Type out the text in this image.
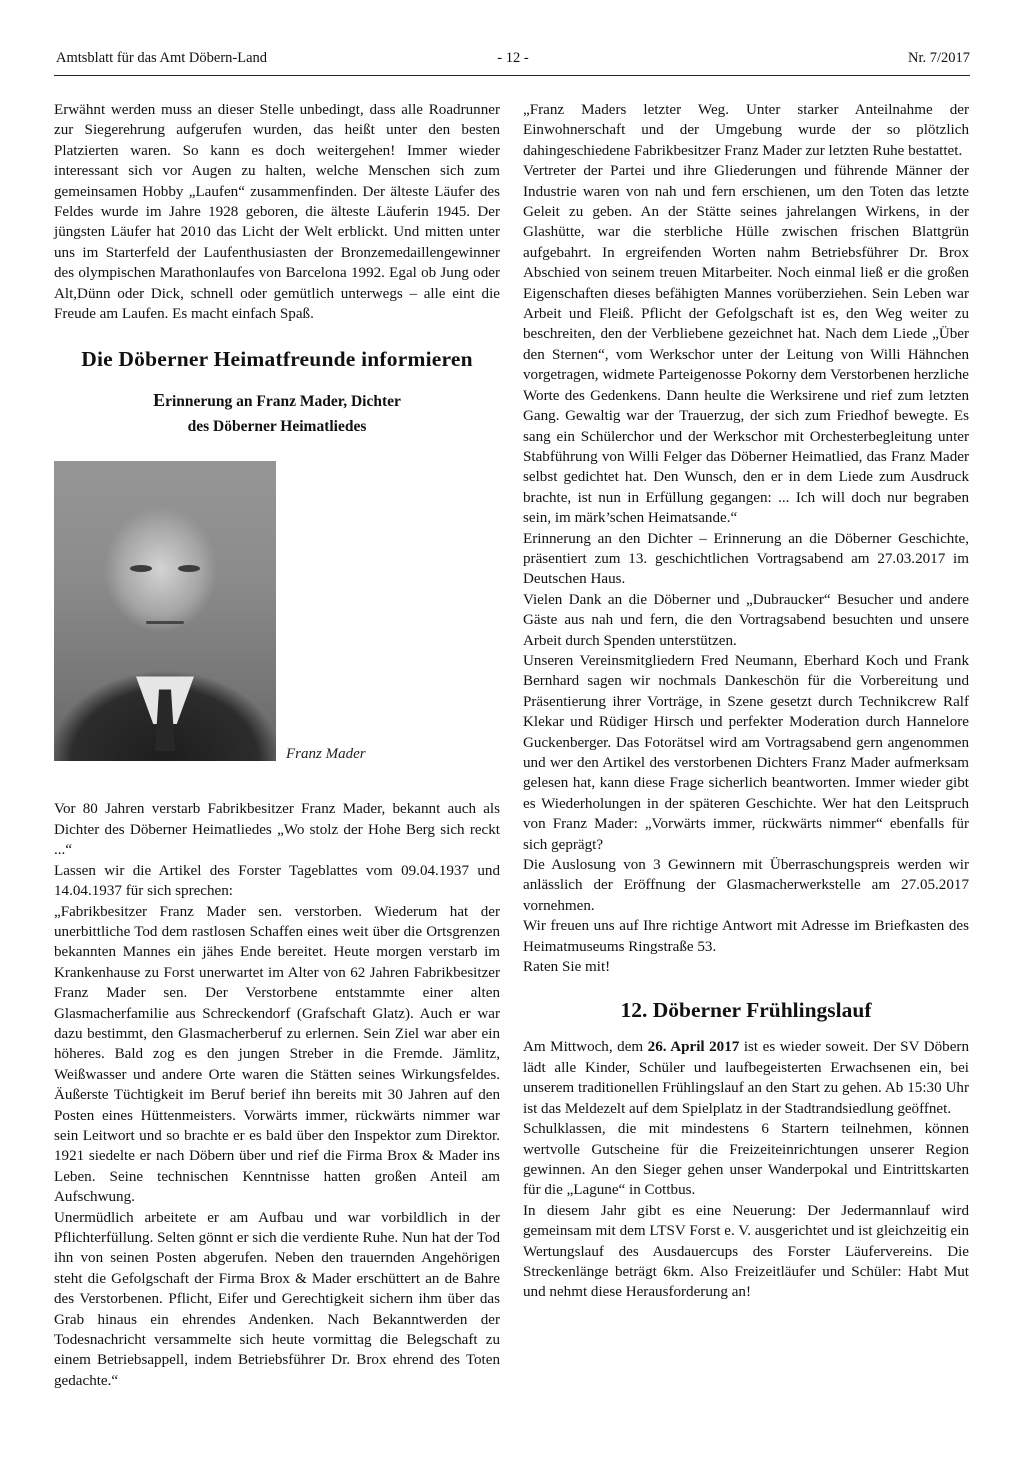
Amtsblatt für das Amt Döbern-Land	- 12 -	Nr. 7/2017

Erwähnt werden muss an dieser Stelle unbedingt, dass alle Roadrunner zur Siegerehrung aufgerufen wurden, das heißt unter den besten Platzierten waren. So kann es doch weitergehen! Immer wieder interessant sich vor Augen zu halten, welche Menschen sich zum gemeinsamen Hobby „Laufen“ zusammenfinden. Der älteste Läufer des Feldes wurde im Jahre 1928 geboren, die älteste Läuferin 1945. Der jüngsten Läufer hat 2010 das Licht der Welt erblickt. Und mitten unter uns im Starterfeld der Laufenthusiasten der Bronzemedaillengewinner des olympischen Marathonlaufes von Barcelona 1992. Egal ob Jung oder Alt,Dünn oder Dick, schnell oder gemütlich unterwegs – alle eint die Freude am Laufen. Es macht einfach Spaß.

Die Döberner Heimatfreunde informieren
Erinnerung an Franz Mader, Dichter
des Döberner Heimatliedes
Franz Mader

Vor 80 Jahren verstarb Fabrikbesitzer Franz Mader, bekannt auch als Dichter des Döberner Heimatliedes „Wo stolz der Hohe Berg sich reckt ...“

Lassen wir die Artikel des Forster Tageblattes vom 09.04.1937 und 14.04.1937 für sich sprechen:

„Fabrikbesitzer Franz Mader sen. verstorben. Wiederum hat der unerbittliche Tod dem rastlosen Schaffen eines weit über die Ortsgrenzen bekannten Mannes ein jähes Ende bereitet. Heute morgen verstarb im Krankenhause zu Forst unerwartet im Alter von 62 Jahren Fabrikbesitzer Franz Mader sen. Der Verstorbene entstammte einer alten Glasmacherfamilie aus Schreckendorf (Grafschaft Glatz). Auch er war dazu bestimmt, den Glasmacherberuf zu erlernen. Sein Ziel war aber ein höheres. Bald zog es den jungen Streber in die Fremde. Jämlitz, Weißwasser und andere Orte waren die Stätten seines Wirkungsfeldes. Äußerste Tüchtigkeit im Beruf berief ihn bereits mit 30 Jahren auf den Posten eines Hüttenmeisters. Vorwärts immer, rückwärts nimmer war sein Leitwort und so brachte er es bald über den Inspektor zum Direktor. 1921 siedelte er nach Döbern über und rief die Firma Brox & Mader ins Leben. Seine technischen Kenntnisse hatten großen Anteil am Aufschwung.

Unermüdlich arbeitete er am Aufbau und war vorbildlich in der Pflichterfüllung. Selten gönnt er sich die verdiente Ruhe. Nun hat der Tod ihn von seinen Posten abgerufen. Neben den trauernden Angehörigen steht die Gefolgschaft der Firma Brox & Mader erschüttert an de Bahre des Verstorbenen. Pflicht, Eifer und Gerechtigkeit sichern ihm über das Grab hinaus ein ehrendes Andenken. Nach Bekanntwerden der Todesnachricht versammelte sich heute vormittag die Belegschaft zu einem Betriebsappell, indem Betriebsführer Dr. Brox ehrend des Toten gedachte.“

„Franz Maders letzter Weg. Unter starker Anteilnahme der Einwohnerschaft und der Umgebung wurde der so plötzlich dahingeschiedene Fabrikbesitzer Franz Mader zur letzten Ruhe bestattet.

Vertreter der Partei und ihre Gliederungen und führende Männer der Industrie waren von nah und fern erschienen, um den Toten das letzte Geleit zu geben. An der Stätte seines jahrelangen Wirkens, in der Glashütte, war die sterbliche Hülle zwischen frischen Blattgrün aufgebahrt. In ergreifenden Worten nahm Betriebsführer Dr. Brox Abschied von seinem treuen Mitarbeiter. Noch einmal ließ er die großen Eigenschaften dieses befähigten Mannes vorüberziehen. Sein Leben war Arbeit und Fleiß. Pflicht der Gefolgschaft ist es, den Weg weiter zu beschreiten, den der Verbliebene gezeichnet hat. Nach dem Liede „Über den Sternen“, vom Werkschor unter der Leitung von Willi Hähnchen vorgetragen, widmete Parteigenosse Pokorny dem Verstorbenen herzliche Worte des Gedenkens. Dann heulte die Werksirene und rief zum letzten Gang. Gewaltig war der Trauerzug, der sich zum Friedhof bewegte. Es sang ein Schülerchor und der Werkschor mit Orchesterbegleitung unter Stabführung von Willi Felger das Döberner Heimatlied, das Franz Mader selbst gedichtet hat. Den Wunsch, den er in dem Liede zum Ausdruck brachte, ist nun in Erfüllung gegangen: ... Ich will doch nur begraben sein, im märk’schen Heimatsande.“

Erinnerung an den Dichter – Erinnerung an die Döberner Geschichte, präsentiert zum 13. geschichtlichen Vortragsabend am 27.03.2017 im Deutschen Haus.

Vielen Dank an die Döberner und „Dubraucker“ Besucher und andere Gäste aus nah und fern, die den Vortragsabend besuchten und unsere Arbeit durch Spenden unterstützen.

Unseren Vereinsmitgliedern Fred Neumann, Eberhard Koch und Frank Bernhard sagen wir nochmals Dankeschön für die Vorbereitung und Präsentierung ihrer Vorträge, in Szene gesetzt durch Technikcrew Ralf Klekar und Rüdiger Hirsch und perfekter Moderation durch Hannelore Guckenberger. Das Fotorätsel wird am Vortragsabend gern angenommen und wer den Artikel des verstorbenen Dichters Franz Mader aufmerksam gelesen hat, kann diese Frage sicherlich beantworten. Immer wieder gibt es Wiederholungen in der späteren Geschichte. Wer hat den Leitspruch von Franz Mader: „Vorwärts immer, rückwärts nimmer“ ebenfalls für sich geprägt?

Die Auslosung von 3 Gewinnern mit Überraschungspreis werden wir anlässlich der Eröffnung der Glasmacherwerkstelle am 27.05.2017 vornehmen.

Wir freuen uns auf Ihre richtige Antwort mit Adresse im Briefkasten des Heimatmuseums Ringstraße 53.

Raten Sie mit!

12. Döberner Frühlingslauf

Am Mittwoch, dem 26. April 2017 ist es wieder soweit. Der SV Döbern lädt alle Kinder, Schüler und laufbegeisterten Erwachsenen ein, bei unserem traditionellen Frühlingslauf an den Start zu gehen. Ab 15:30 Uhr ist das Meldezelt auf dem Spielplatz in der Stadtrandsiedlung geöffnet.

Schulklassen, die mit mindestens 6 Startern teilnehmen, können wertvolle Gutscheine für die Freizeiteinrichtungen unserer Region gewinnen. An den Sieger gehen unser Wanderpokal und Eintrittskarten für die „Lagune“ in Cottbus.

In diesem Jahr gibt es eine Neuerung: Der Jedermannlauf wird gemeinsam mit dem LTSV Forst e. V. ausgerichtet und ist gleichzeitig ein Wertungslauf des Ausdauercups des Forster Läufervereins. Die Streckenlänge beträgt 6km. Also Freizeitläufer und Schüler: Habt Mut und nehmt diese Herausforderung an!
